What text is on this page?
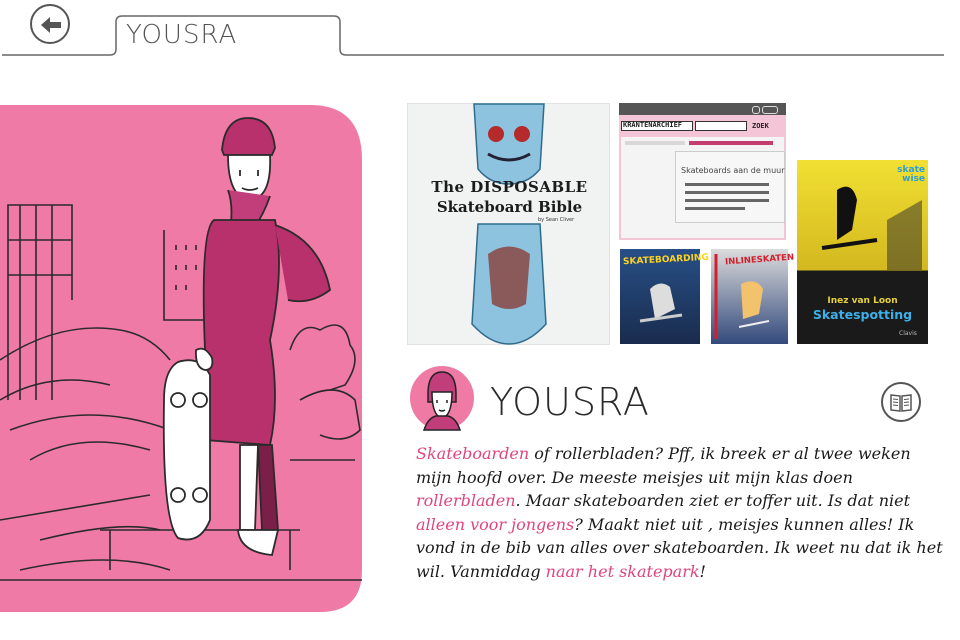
YOUSRA
The DISPOSABLE
Skateboard Bible
by Sean Cliver
KRANTENARCHIEF	ZOEK
Skateboards aan de muur
SKATEBOARDING INLINESKATEN
skate wise
Inez van Loon
Skatespotting
Clavis
YOUSRA
Skateboarden of rollerbladen? Pff, ik breek er al twee weken mijn hoofd over. De meeste meisjes uit mijn klas doen rollerbladen. Maar skateboarden ziet er toffer uit. Is dat niet alleen voor jongens? Maakt niet uit , meisjes kunnen alles! Ik vond in de bib van alles over skateboarden. Ik weet nu dat ik het wil. Vanmiddag naar het skatepark!
